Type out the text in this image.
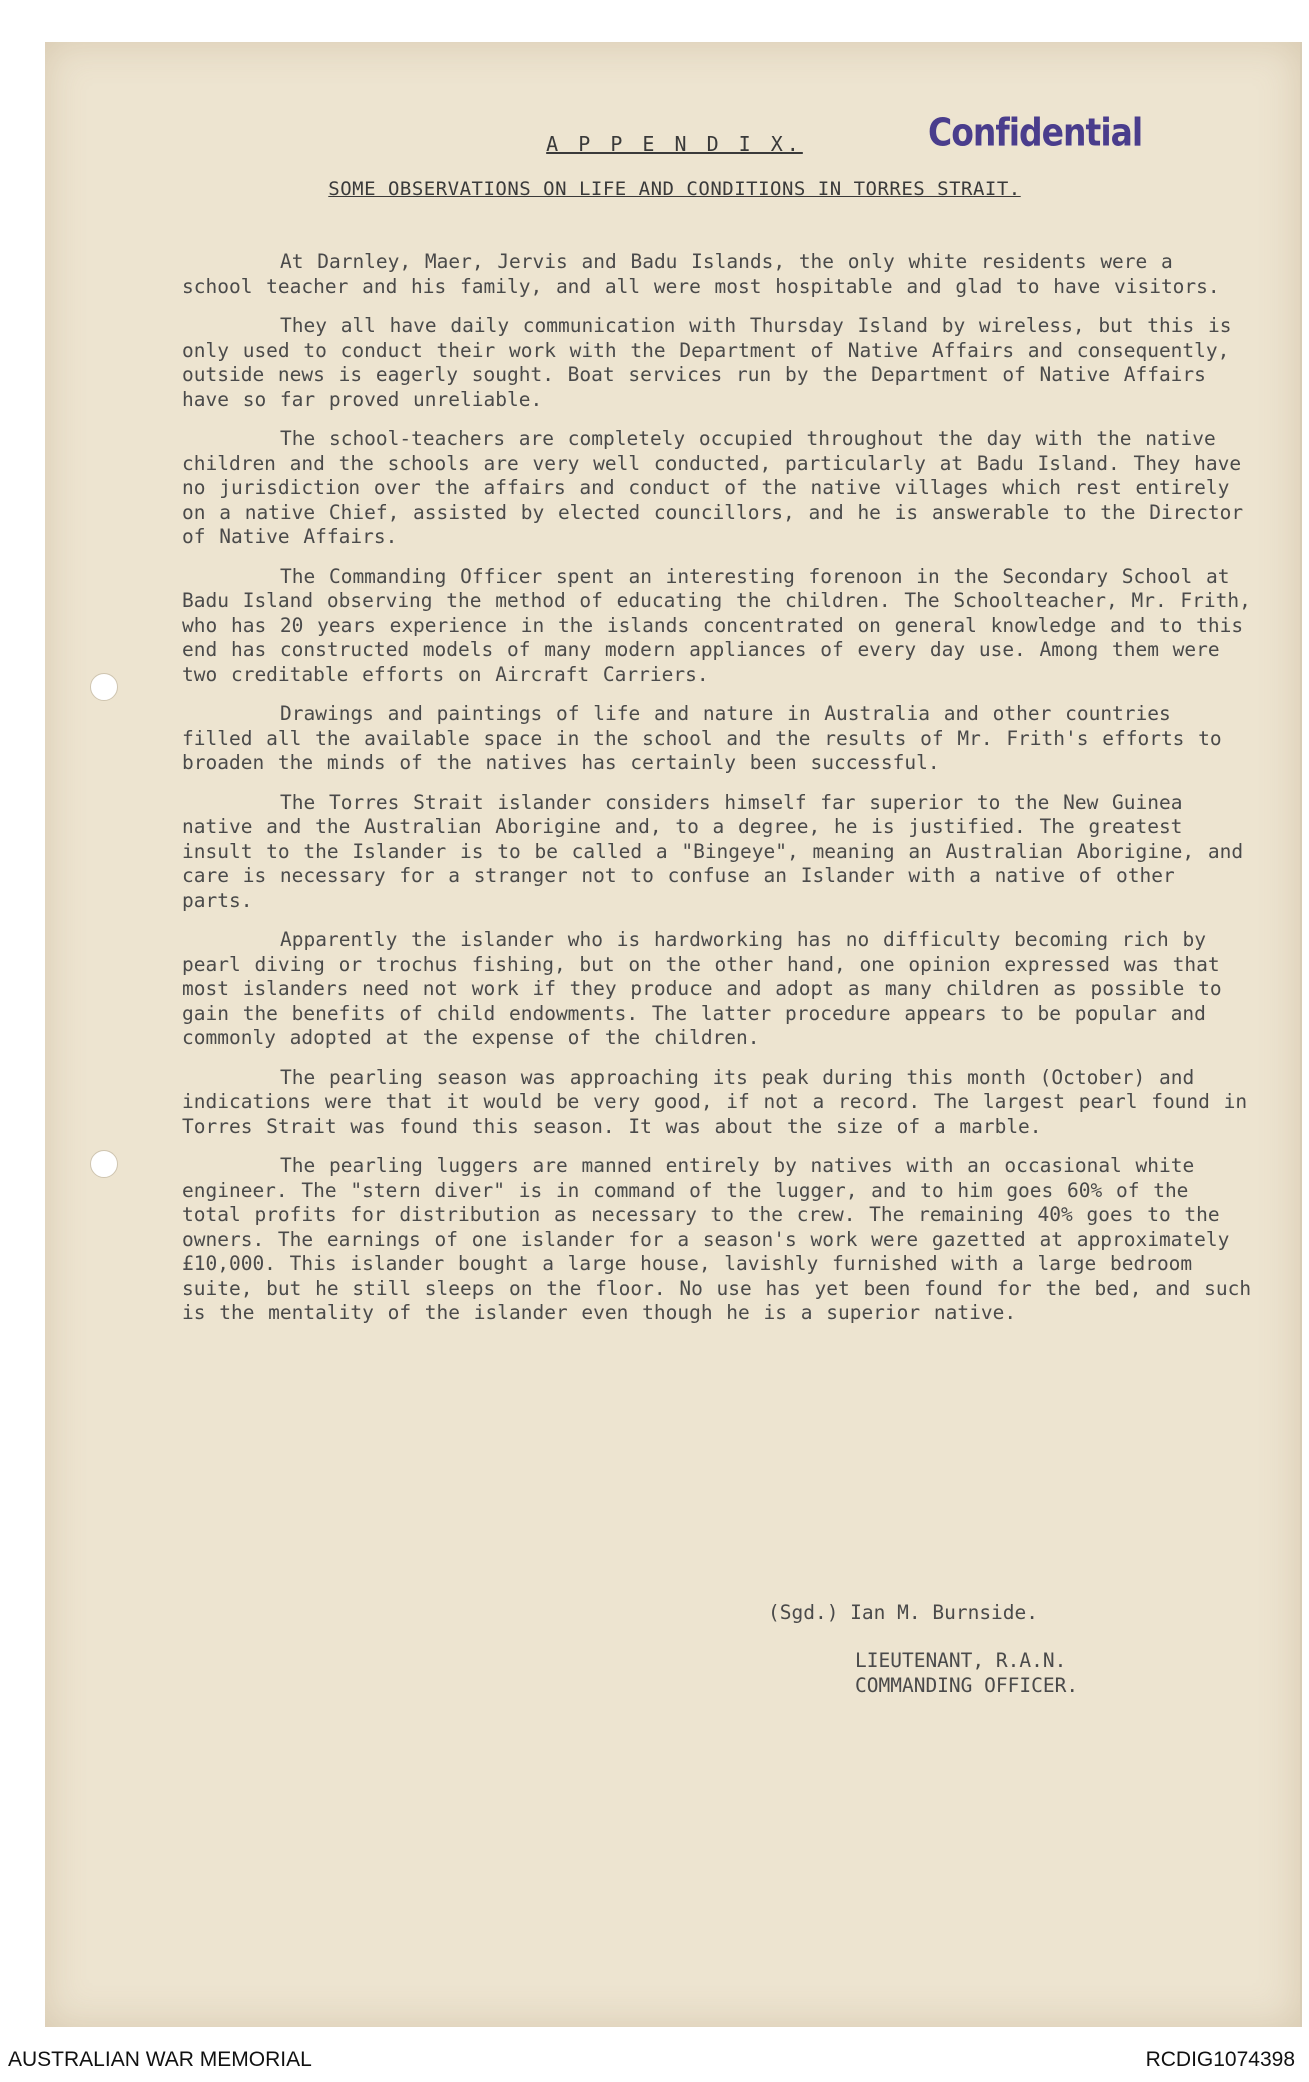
Confidential
A P P E N D I X.
SOME OBSERVATIONS ON LIFE AND CONDITIONS IN TORRES STRAIT.

At Darnley, Maer, Jervis and Badu Islands, the only white residents were a school teacher and his family, and all were most hospitable and glad to have visitors.

They all have daily communication with Thursday Island by wireless, but this is only used to conduct their work with the Department of Native Affairs and consequently, outside news is eagerly sought. Boat services run by the Department of Native Affairs have so far proved unreliable.

The school-teachers are completely occupied throughout the day with the native children and the schools are very well conducted, particularly at Badu Island. They have no jurisdiction over the affairs and conduct of the native villages which rest entirely on a native Chief, assisted by elected councillors, and he is answerable to the Director of Native Affairs.

The Commanding Officer spent an interesting forenoon in the Secondary School at Badu Island observing the method of educating the children. The Schoolteacher, Mr. Frith, who has 20 years experience in the islands concentrated on general knowledge and to this end has constructed models of many modern appliances of every day use. Among them were two creditable efforts on Aircraft Carriers.

Drawings and paintings of life and nature in Australia and other countries filled all the available space in the school and the results of Mr. Frith's efforts to broaden the minds of the natives has certainly been successful.

The Torres Strait islander considers himself far superior to the New Guinea native and the Australian Aborigine and, to a degree, he is justified. The greatest insult to the Islander is to be called a "Bingeye", meaning an Australian Aborigine, and care is necessary for a stranger not to confuse an Islander with a native of other parts.

Apparently the islander who is hardworking has no difficulty becoming rich by pearl diving or trochus fishing, but on the other hand, one opinion expressed was that most islanders need not work if they produce and adopt as many children as possible to gain the benefits of child endowments. The latter procedure appears to be popular and commonly adopted at the expense of the children.

The pearling season was approaching its peak during this month (October) and indications were that it would be very good, if not a record. The largest pearl found in Torres Strait was found this season. It was about the size of a marble.

The pearling luggers are manned entirely by natives with an occasional white engineer. The "stern diver" is in command of the lugger, and to him goes 60% of the total profits for distribution as necessary to the crew. The remaining 40% goes to the owners. The earnings of one islander for a season's work were gazetted at approximately £10,000. This islander bought a large house, lavishly furnished with a large bedroom suite, but he still sleeps on the floor. No use has yet been found for the bed, and such is the mentality of the islander even though he is a superior native.

(Sgd.) Ian M. Burnside.
LIEUTENANT, R.A.N.
COMMANDING OFFICER.
AUSTRALIAN WAR MEMORIAL	RCDIG1074398
